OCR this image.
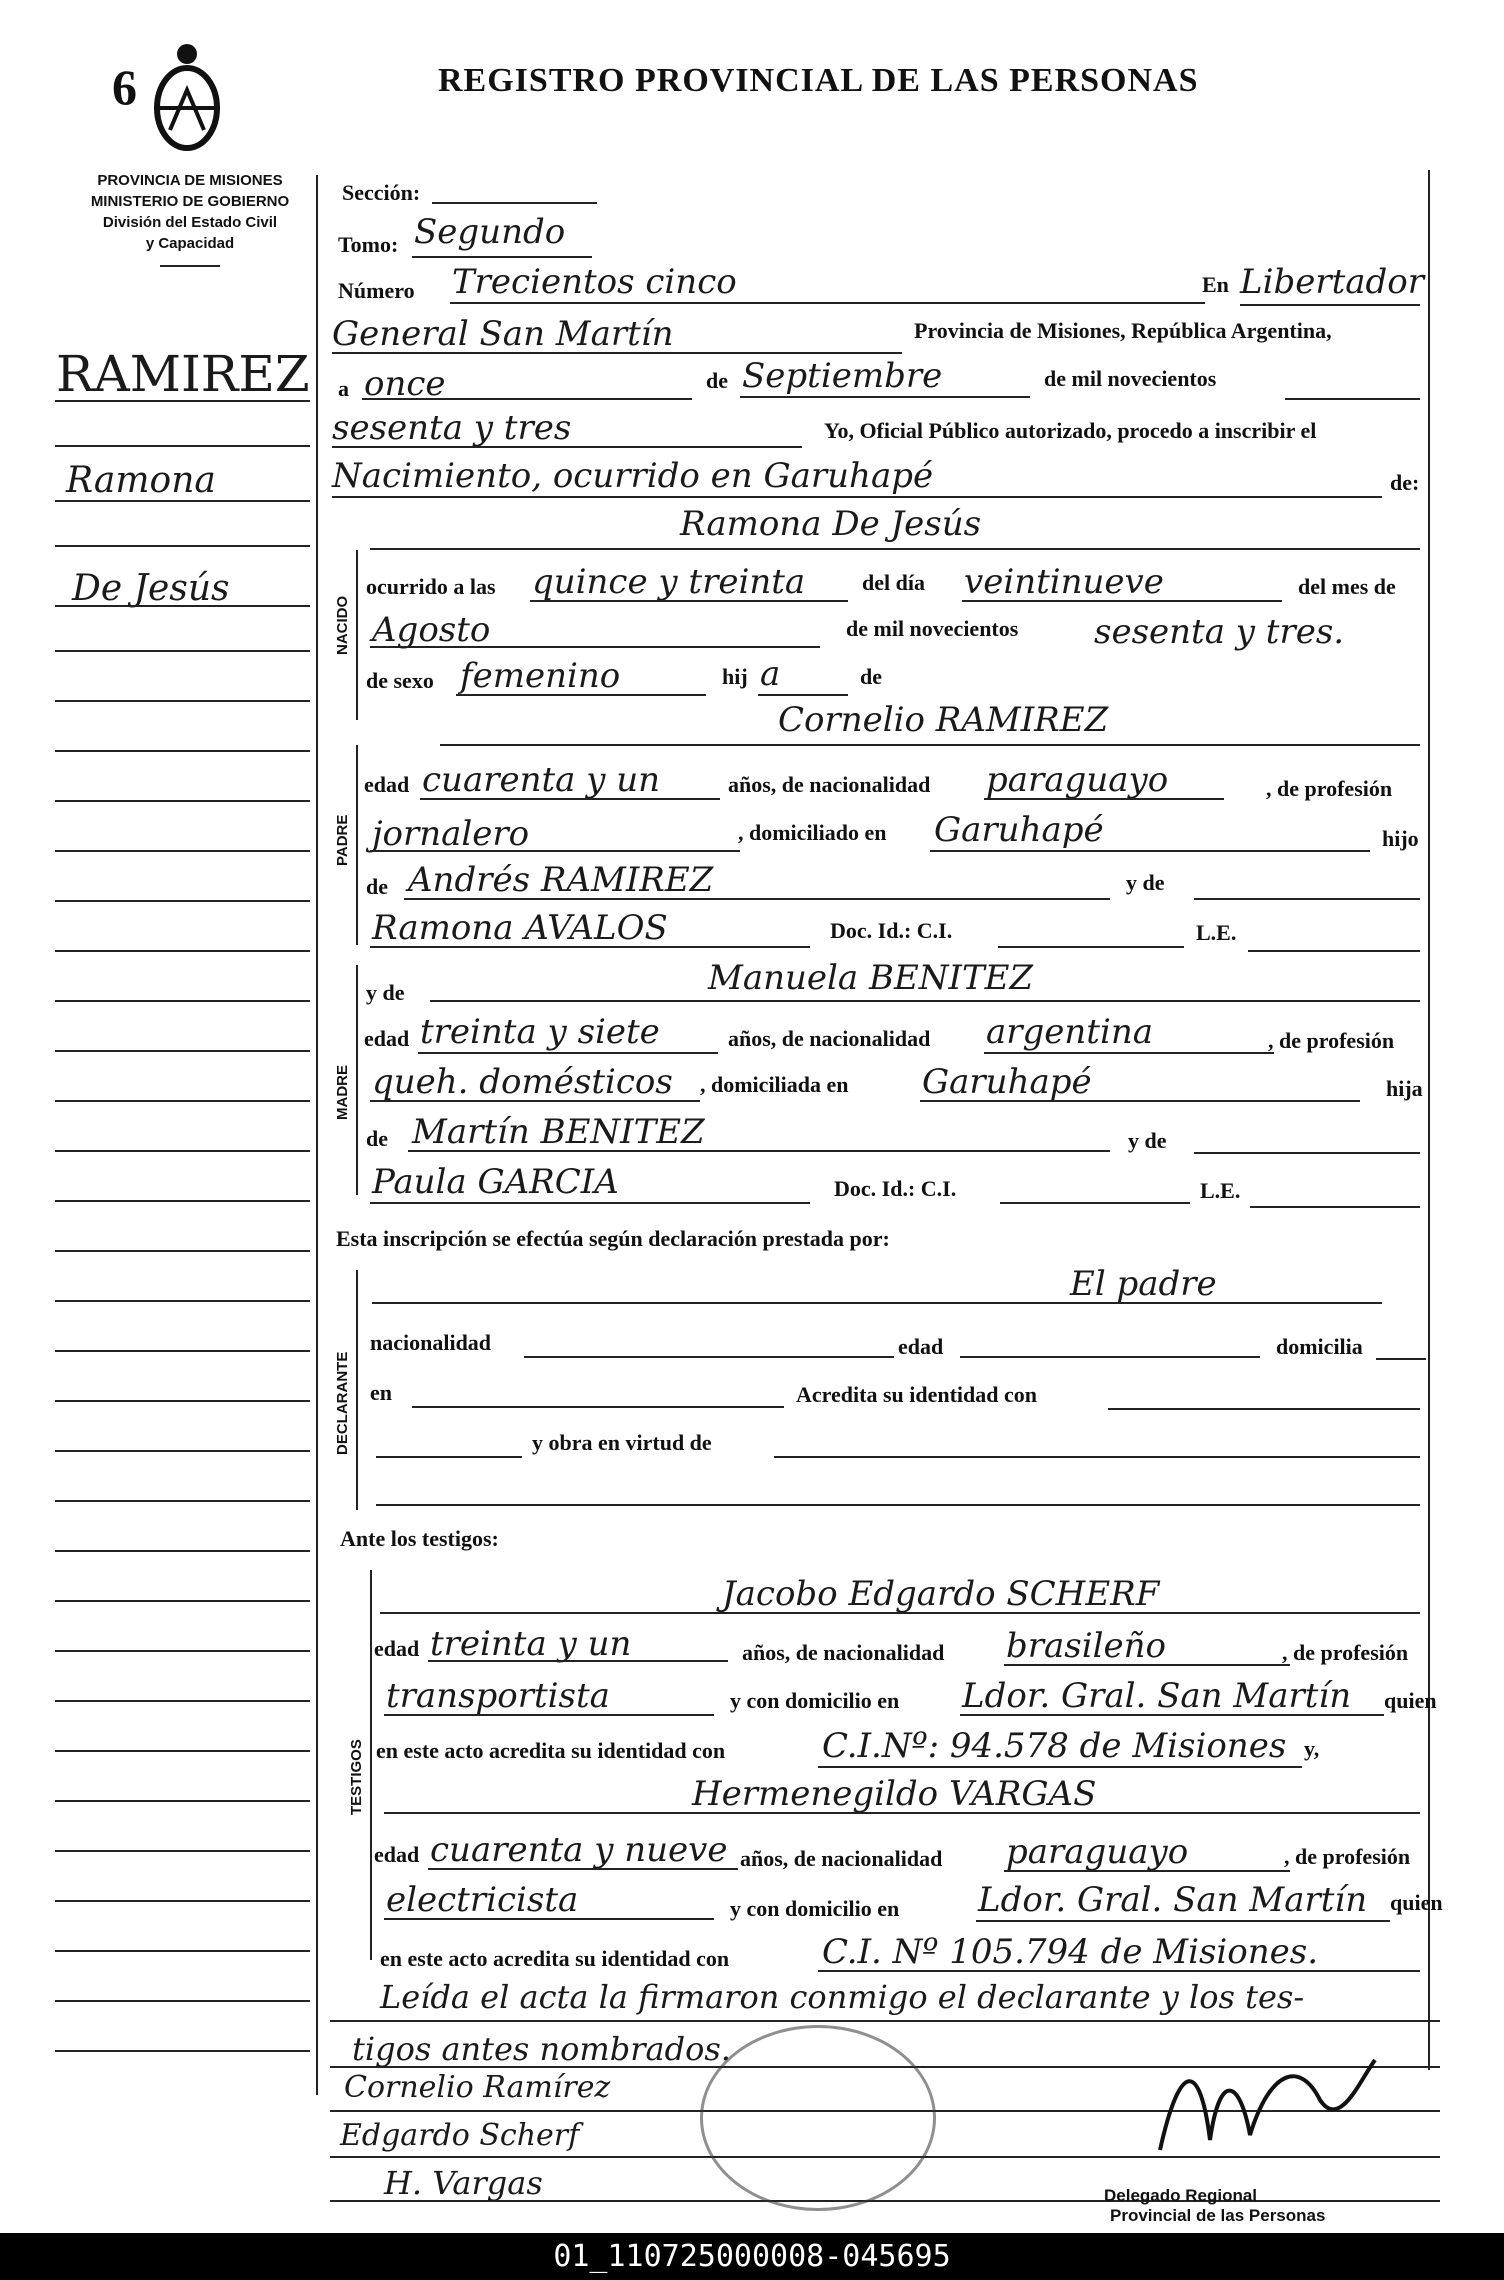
6	REGISTRO PROVINCIAL DE LAS PERSONAS
PROVINCIA DE MISIONES
MINISTERIO DE GOBIERNO
División del Estado Civil
y Capacidad
RAMIREZ
Ramona
De Jesús
Sección:
Tomo: Segundo
Número Trecientos cinco	En Libertador
General San Martín	Provincia de Misiones, República Argentina,
a once	de Septiembre	de mil novecientos
sesenta y tres	Yo, Oficial Público autorizado, procedo a inscribir el
Nacimiento, ocurrido en Garuhapé	de:
NACIDO
Ramona De Jesús
ocurrido a las quince y treinta	del día veintinueve	del mes de
Agosto	de mil novecientos sesenta y tres.
de sexo femenino	hij a	de
PADRE
Cornelio RAMIREZ
edad cuarenta y un	años, de nacionalidad paraguayo	, de profesión
jornalero	, domiciliado en Garuhapé	hijo
de Andrés RAMIREZ	y de
Ramona AVALOS	Doc. Id.: C.I.	L.E.
MADRE
y de	Manuela BENITEZ
edad treinta y siete	años, de nacionalidad argentina	, de profesión
queh. domésticos , domiciliada en Garuhapé	hija
de Martín BENITEZ	y de
Paula GARCIA	Doc. Id.: C.I.	L.E.
Esta inscripción se efectúa según declaración prestada por:
DECLARANTE
El padre
nacionalidad	edad	domicilia
en	Acredita su identidad con
y obra en virtud de
Ante los testigos:
TESTIGOS
Jacobo Edgardo SCHERF
edad treinta y un	años, de nacionalidad brasileño	, de profesión
transportista	y con domicilio en Ldor. Gral. San Martín quien
en este acto acredita su identidad con	C.I.Nº: 94.578 de Misiones y,
Hermenegildo VARGAS
edad cuarenta y nueve años, de nacionalidad paraguayo	, de profesión
electricista	y con domicilio en Ldor. Gral. San Martín quien
en este acto acredita su identidad con	C.I. Nº 105.794 de Misiones.
Leída el acta la firmaron conmigo el declarante y los tes-
tigos antes nombrados.
Cornelio Ramírez
Edgardo Scherf
H. Vargas	Delegado Regional
Provincial de las Personas
01_110725000008-045695
